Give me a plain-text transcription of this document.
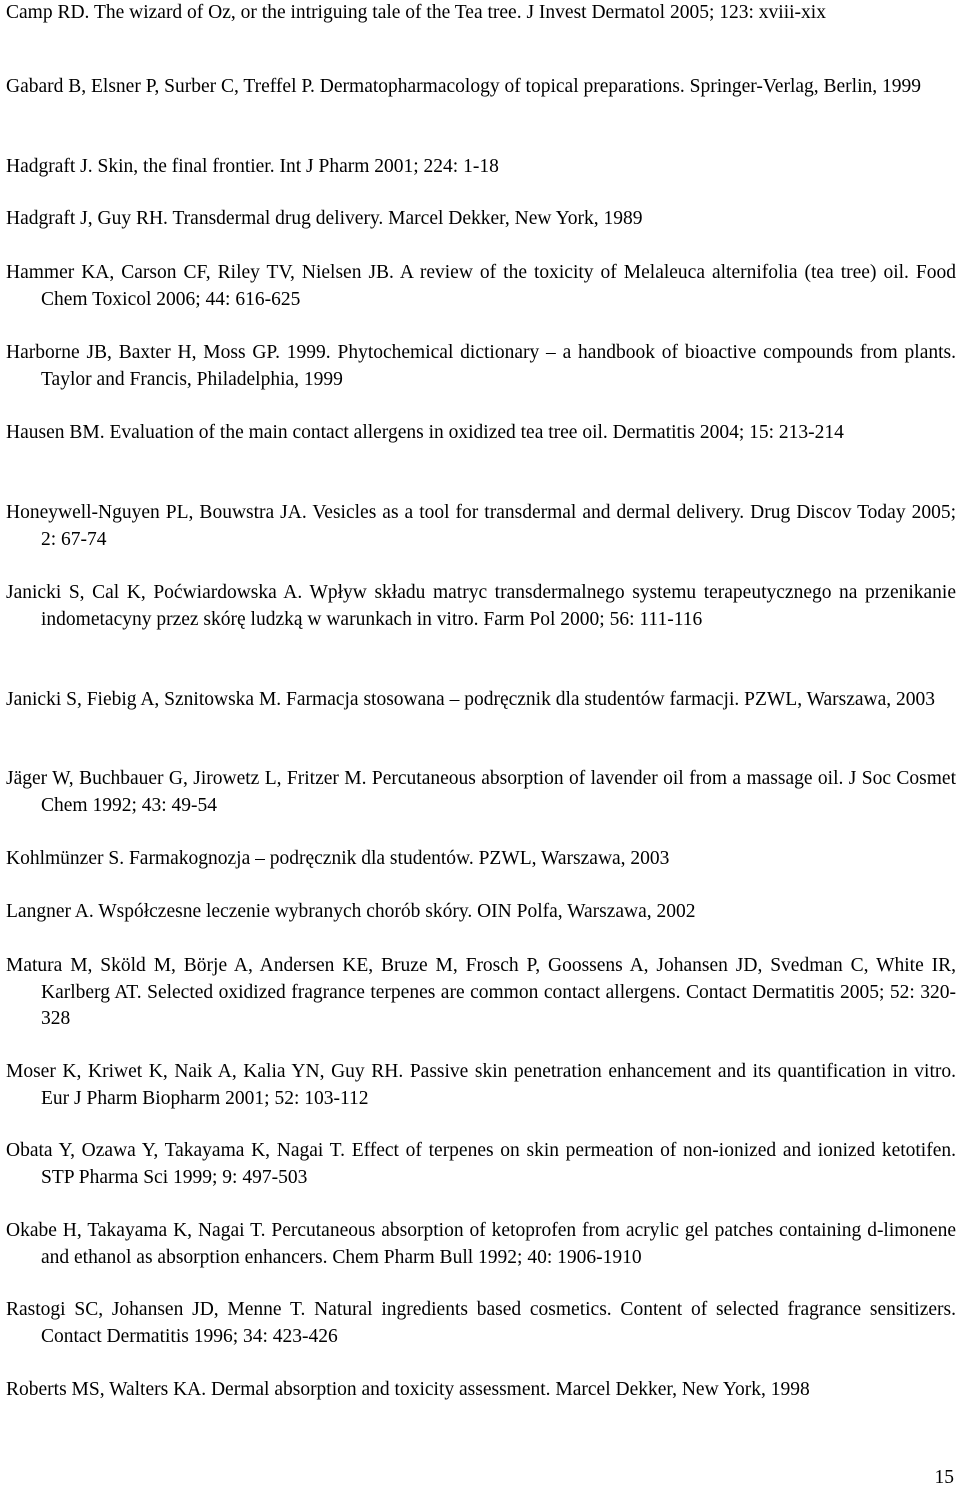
Camp RD. The wizard of Oz, or the intriguing tale of the Tea tree. J Invest Dermatol 2005; 123: xviii-xix
Gabard B, Elsner P, Surber C, Treffel P. Dermatopharmacology of topical preparations. Springer-Verlag, Berlin, 1999
Hadgraft J. Skin, the final frontier. Int J Pharm 2001; 224: 1-18
Hadgraft J, Guy RH. Transdermal drug delivery. Marcel Dekker, New York, 1989
Hammer KA, Carson CF, Riley TV, Nielsen JB. A review of the toxicity of Melaleuca alternifolia (tea tree) oil. Food Chem Toxicol 2006; 44: 616-625
Harborne JB, Baxter H, Moss GP. 1999. Phytochemical dictionary – a handbook of bioactive compounds from plants. Taylor and Francis, Philadelphia, 1999
Hausen BM. Evaluation of the main contact allergens in oxidized tea tree oil. Dermatitis 2004; 15: 213-214
Honeywell-Nguyen PL, Bouwstra JA. Vesicles as a tool for transdermal and dermal delivery. Drug Discov Today 2005; 2: 67-74
Janicki S, Cal K, Poćwiardowska A. Wpływ składu matryc transdermalnego systemu terapeutycznego na przenikanie indometacyny przez skórę ludzką w warunkach in vitro. Farm Pol 2000; 56: 111-116
Janicki S, Fiebig A, Sznitowska M. Farmacja stosowana – podręcznik dla studentów farmacji. PZWL, Warszawa, 2003
Jäger W, Buchbauer G, Jirowetz L, Fritzer M. Percutaneous absorption of lavender oil from a massage oil. J Soc Cosmet Chem 1992; 43: 49-54
Kohlmünzer S. Farmakognozja – podręcznik dla studentów. PZWL, Warszawa, 2003
Langner A. Współczesne leczenie wybranych chorób skóry. OIN Polfa, Warszawa, 2002
Matura M, Sköld M, Börje A, Andersen KE, Bruze M, Frosch P, Goossens A, Johansen JD, Svedman C, White IR, Karlberg AT. Selected oxidized fragrance terpenes are common contact allergens. Contact Dermatitis 2005; 52: 320-328
Moser K, Kriwet K, Naik A, Kalia YN, Guy RH. Passive skin penetration enhancement and its quantification in vitro. Eur J Pharm Biopharm 2001; 52: 103-112
Obata Y, Ozawa Y, Takayama K, Nagai T. Effect of terpenes on skin permeation of non-ionized and ionized ketotifen. STP Pharma Sci 1999; 9: 497-503
Okabe H, Takayama K, Nagai T. Percutaneous absorption of ketoprofen from acrylic gel patches containing d-limonene and ethanol as absorption enhancers. Chem Pharm Bull 1992; 40: 1906-1910
Rastogi SC, Johansen JD, Menne T. Natural ingredients based cosmetics. Content of selected fragrance sensitizers. Contact Dermatitis 1996; 34: 423-426
Roberts MS, Walters KA. Dermal absorption and toxicity assessment. Marcel Dekker, New York, 1998
15
